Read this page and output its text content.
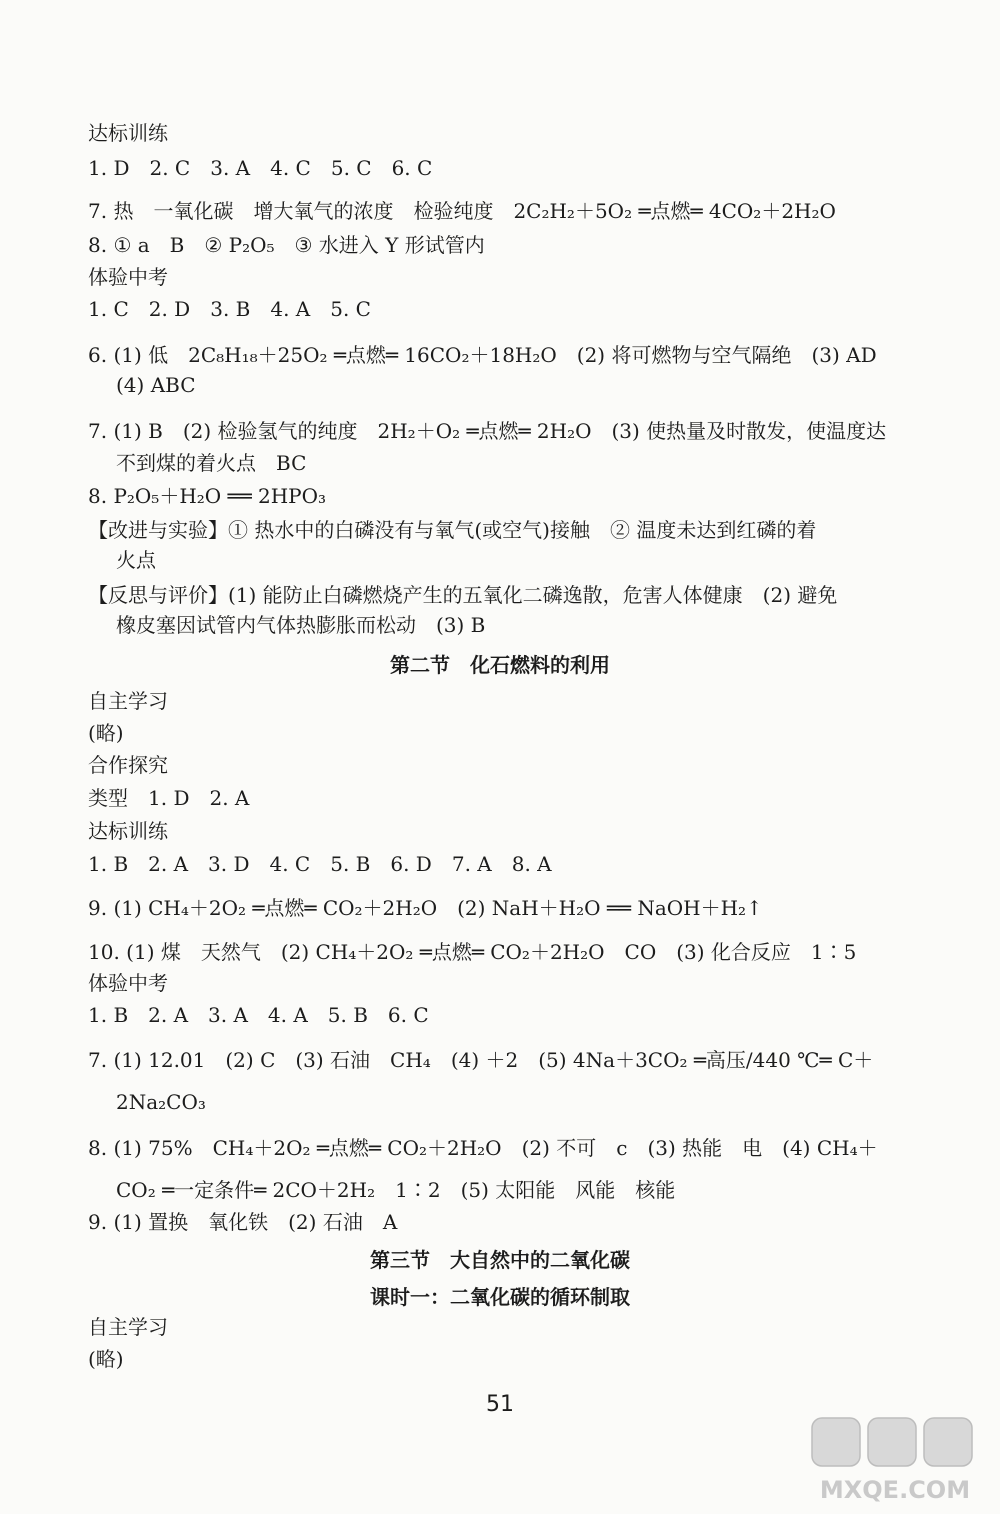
达标训练
1. D　2. C　3. A　4. C　5. C　6. C
7. 热　一氧化碳　增大氧气的浓度　检验纯度　2C₂H₂＋5O₂ ═点燃═ 4CO₂＋2H₂O
8. ① a　B　② P₂O₅　③ 水进入 Y 形试管内
体验中考
1. C　2. D　3. B　4. A　5. C
6. (1) 低　2C₈H₁₈＋25O₂ ═点燃═ 16CO₂＋18H₂O　(2) 将可燃物与空气隔绝　(3) AD
(4) ABC
7. (1) B　(2) 检验氢气的纯度　2H₂＋O₂ ═点燃═ 2H₂O　(3) 使热量及时散发，使温度达
不到煤的着火点　BC
8. P₂O₅＋H₂O ══ 2HPO₃
【改进与实验】① 热水中的白磷没有与氧气(或空气)接触　② 温度未达到红磷的着
火点
【反思与评价】(1) 能防止白磷燃烧产生的五氧化二磷逸散，危害人体健康　(2) 避免
橡皮塞因试管内气体热膨胀而松动　(3) B
第二节　化石燃料的利用
自主学习
(略)
合作探究
类型　1. D　2. A
达标训练
1. B　2. A　3. D　4. C　5. B　6. D　7. A　8. A
9. (1) CH₄＋2O₂ ═点燃═ CO₂＋2H₂O　(2) NaH＋H₂O ══ NaOH＋H₂↑
10. (1) 煤　天然气　(2) CH₄＋2O₂ ═点燃═ CO₂＋2H₂O　CO　(3) 化合反应　1∶5
体验中考
1. B　2. A　3. A　4. A　5. B　6. C
7. (1) 12.01　(2) C　(3) 石油　CH₄　(4) ＋2　(5) 4Na＋3CO₂ ═高压/440 ℃═ C＋
2Na₂CO₃
8. (1) 75%　CH₄＋2O₂ ═点燃═ CO₂＋2H₂O　(2) 不可　c　(3) 热能　电　(4) CH₄＋
CO₂ ═一定条件═ 2CO＋2H₂　1∶2　(5) 太阳能　风能　核能
9. (1) 置换　氧化铁　(2) 石油　A
第三节　大自然中的二氧化碳
课时一：二氧化碳的循环制取
自主学习
(略)
51
MXQE.COM
